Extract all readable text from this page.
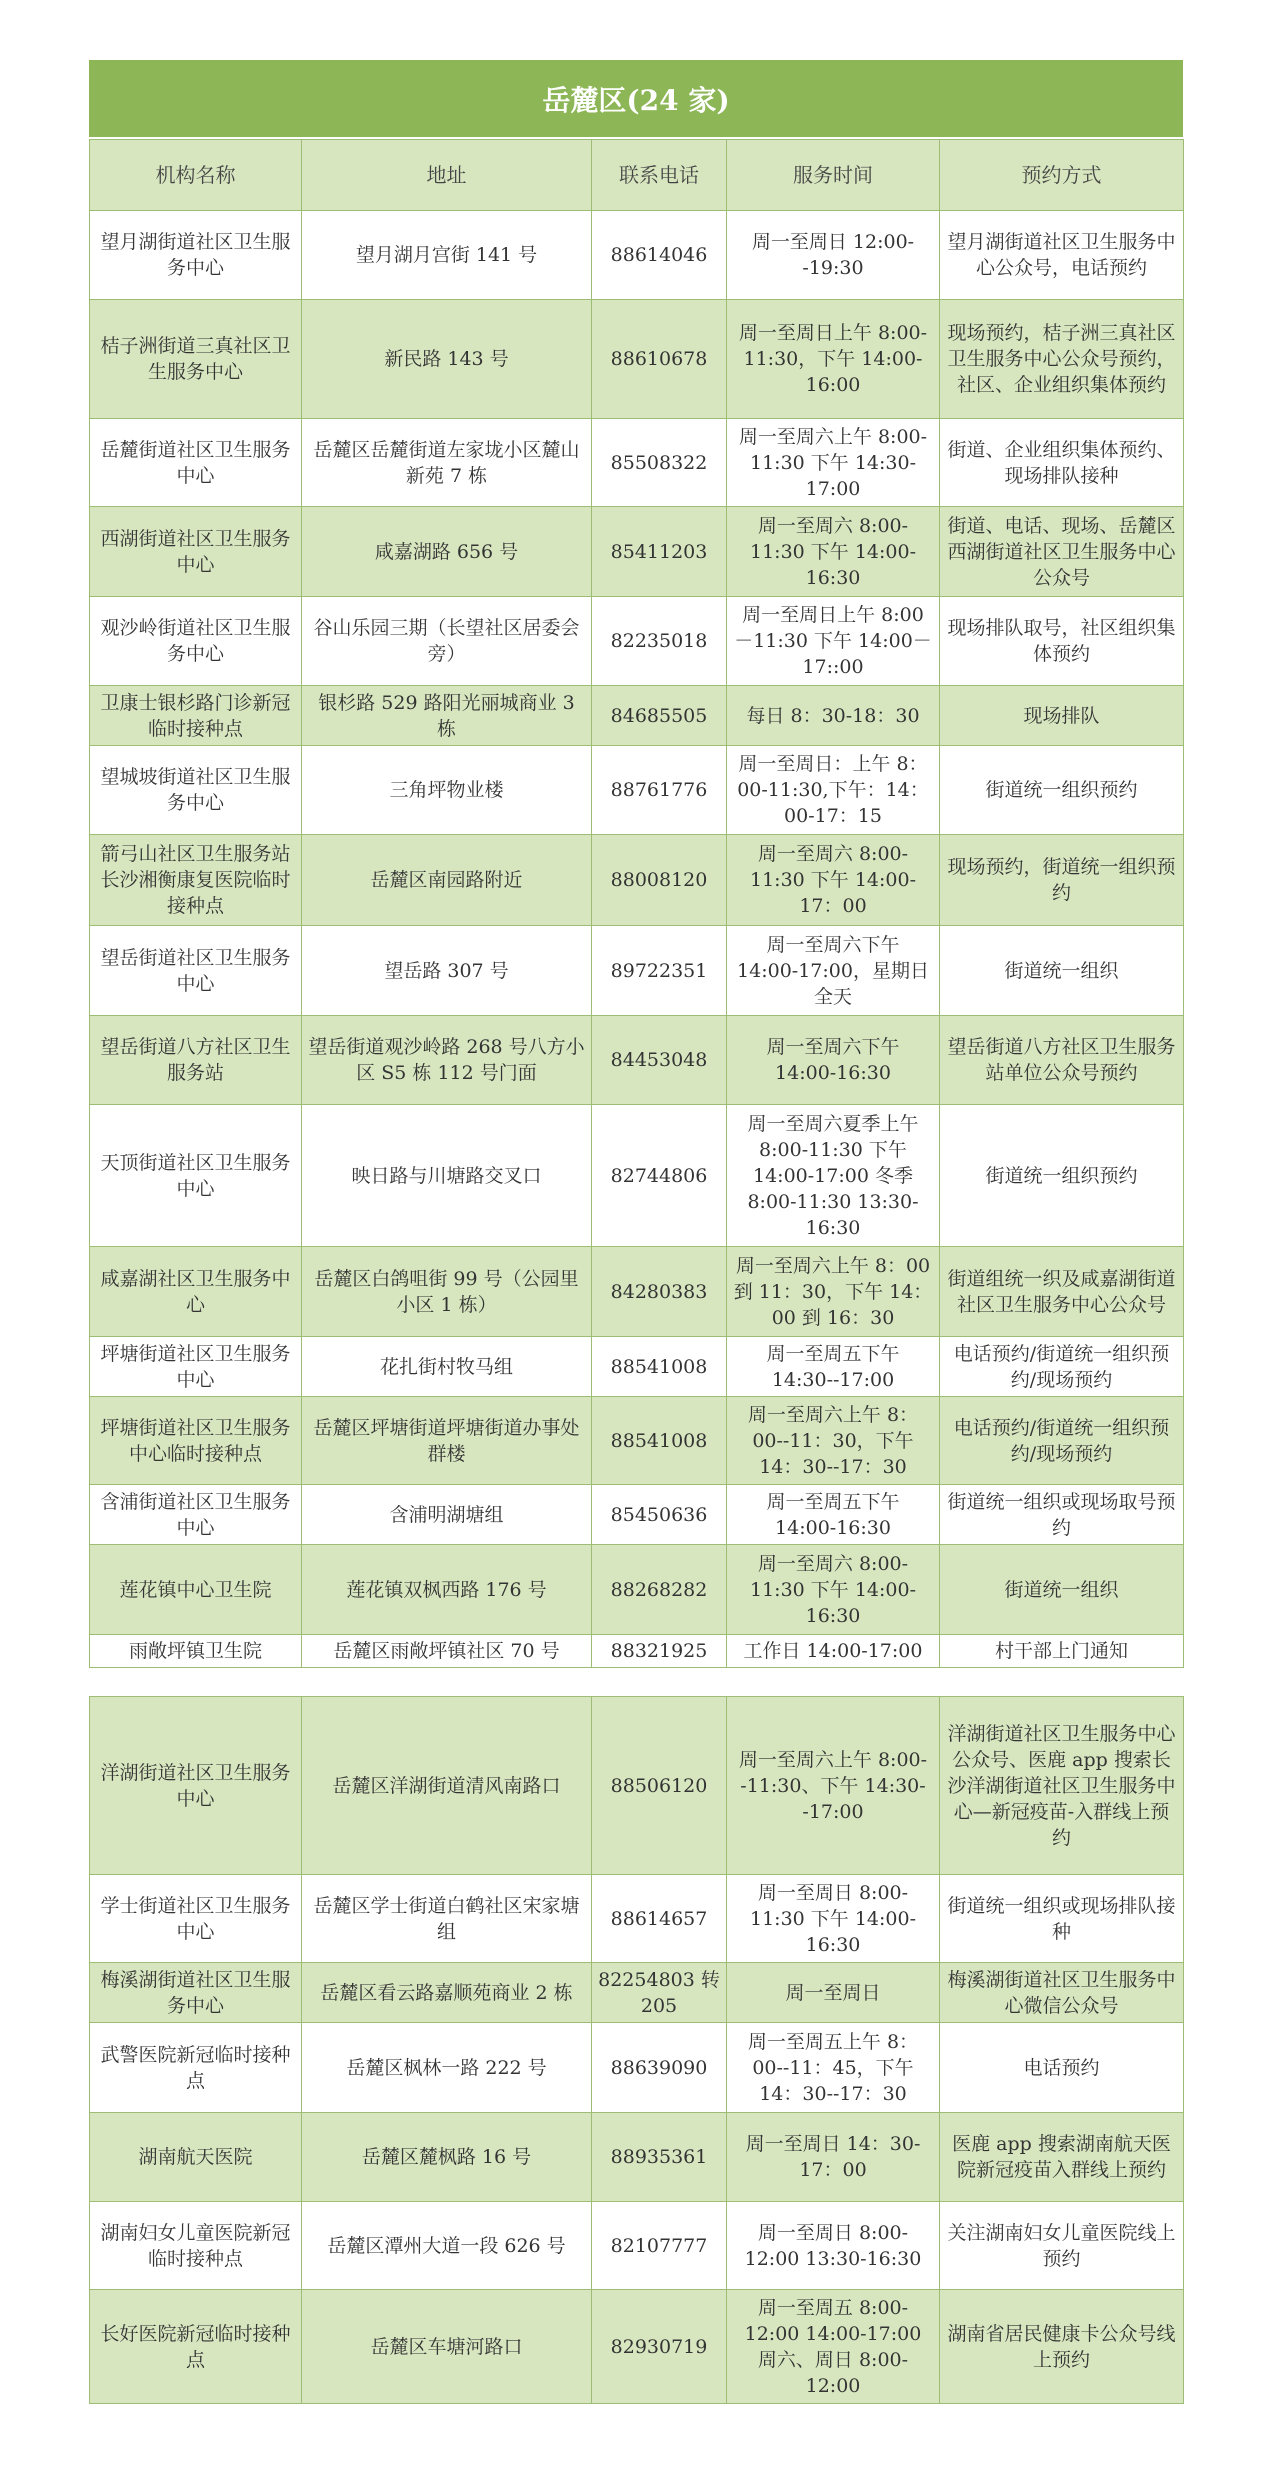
岳麓区(24 家)
机构名称	地址	联系电话	服务时间	预约方式
望月湖街道社区卫生服务中心	望月湖月宫街 141 号	88614046	周一至周日 12:00--19:30	望月湖街道社区卫生服务中心公众号，电话预约
桔子洲街道三真社区卫生服务中心	新民路 143 号	88610678	周一至周日上午 8:00-11:30，下午 14:00-16:00	现场预约，桔子洲三真社区卫生服务中心公众号预约，社区、企业组织集体预约
岳麓街道社区卫生服务中心	岳麓区岳麓街道左家垅小区麓山新苑 7 栋	85508322	周一至周六上午 8:00-11:30 下午 14:30-17:00	街道、企业组织集体预约、现场排队接种
西湖街道社区卫生服务中心	咸嘉湖路 656 号	85411203	周一至周六 8:00-11:30 下午 14:00-16:30	街道、电话、现场、岳麓区西湖街道社区卫生服务中心公众号
观沙岭街道社区卫生服务中心	谷山乐园三期（长望社区居委会旁）	82235018	周一至周日上午 8:00－11:30 下午 14:00－17::00	现场排队取号，社区组织集体预约
卫康士银杉路门诊新冠临时接种点	银杉路 529 路阳光丽城商业 3 栋	84685505	每日 8：30-18：30	现场排队
望城坡街道社区卫生服务中心	三角坪物业楼	88761776	周一至周日：上午 8：00-11:30,下午：14：00-17：15	街道统一组织预约
箭弓山社区卫生服务站长沙湘衡康复医院临时接种点	岳麓区南园路附近	88008120	周一至周六 8:00-11:30 下午 14:00-17：00	现场预约，街道统一组织预约
望岳街道社区卫生服务中心	望岳路 307 号	89722351	周一至周六下午 14:00-17:00，星期日全天	街道统一组织
望岳街道八方社区卫生服务站	望岳街道观沙岭路 268 号八方小区 S5 栋 112 号门面	84453048	周一至周六下午 14:00-16:30	望岳街道八方社区卫生服务站单位公众号预约
天顶街道社区卫生服务中心	映日路与川塘路交叉口	82744806	周一至周六夏季上午 8:00-11:30 下午 14:00-17:00 冬季 8:00-11:30 13:30-16:30	街道统一组织预约
咸嘉湖社区卫生服务中心	岳麓区白鸽咀街 99 号（公园里小区 1 栋）	84280383	周一至周六上午 8：00 到 11：30，下午 14：00 到 16：30	街道组统一织及咸嘉湖街道社区卫生服务中心公众号
坪塘街道社区卫生服务中心	花扎街村牧马组	88541008	周一至周五下午 14:30--17:00	电话预约/街道统一组织预约/现场预约
坪塘街道社区卫生服务中心临时接种点	岳麓区坪塘街道坪塘街道办事处群楼	88541008	周一至周六上午 8：00--11：30，下午 14：30--17：30	电话预约/街道统一组织预约/现场预约
含浦街道社区卫生服务中心	含浦明湖塘组	85450636	周一至周五下午 14:00-16:30	街道统一组织或现场取号预约
莲花镇中心卫生院	莲花镇双枫西路 176 号	88268282	周一至周六 8:00-11:30 下午 14:00-16:30	街道统一组织
雨敞坪镇卫生院	岳麓区雨敞坪镇社区 70 号	88321925	工作日 14:00-17:00	村干部上门通知
洋湖街道社区卫生服务中心	岳麓区洋湖街道清风南路口	88506120	周一至周六上午 8:00--11:30、下午 14:30--17:00	洋湖街道社区卫生服务中心公众号、医鹿 app 搜索长沙洋湖街道社区卫生服务中心—新冠疫苗-入群线上预约
学士街道社区卫生服务中心	岳麓区学士街道白鹤社区宋家塘组	88614657	周一至周日 8:00-11:30 下午 14:00-16:30	街道统一组织或现场排队接种
梅溪湖街道社区卫生服务中心	岳麓区看云路嘉顺苑商业 2 栋	82254803 转 205	周一至周日	梅溪湖街道社区卫生服务中心微信公众号
武警医院新冠临时接种点	岳麓区枫林一路 222 号	88639090	周一至周五上午 8：00--11：45，下午 14：30--17：30	电话预约
湖南航天医院	岳麓区麓枫路 16 号	88935361	周一至周日 14：30-17：00	医鹿 app 搜索湖南航天医院新冠疫苗入群线上预约
湖南妇女儿童医院新冠临时接种点	岳麓区潭州大道一段 626 号	82107777	周一至周日 8:00-12:00 13:30-16:30	关注湖南妇女儿童医院线上预约
长好医院新冠临时接种点	岳麓区车塘河路口	82930719	周一至周五 8:00-12:00 14:00-17:00 周六、周日 8:00-12:00	湖南省居民健康卡公众号线上预约
